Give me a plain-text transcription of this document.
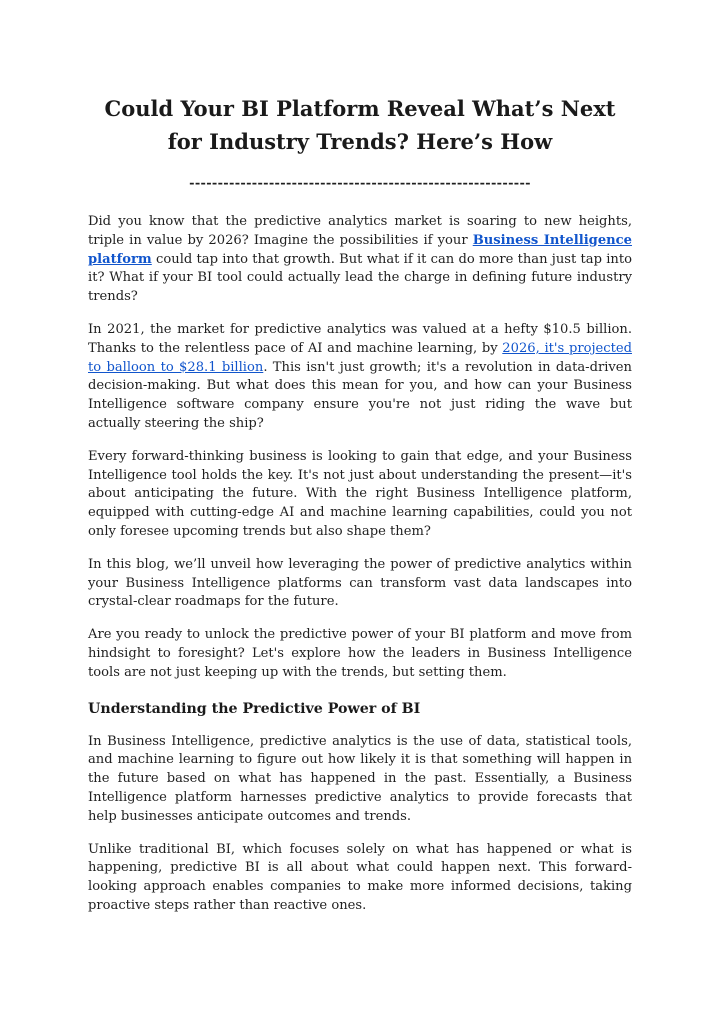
Could Your BI Platform Reveal What’s Next for Industry Trends? Here’s How
------------------------------------------------------------

Did you know that the predictive analytics market is soaring to new heights, triple in value by 2026? Imagine the possibilities if your Business Intelligence platform could tap into that growth. But what if it can do more than just tap into it? What if your BI tool could actually lead the charge in defining future industry trends?

In 2021, the market for predictive analytics was valued at a hefty $10.5 billion. Thanks to the relentless pace of AI and machine learning, by 2026, it's projected to balloon to $28.1 billion. This isn't just growth; it's a revolution in data-driven decision-making. But what does this mean for you, and how can your Business Intelligence software company ensure you're not just riding the wave but actually steering the ship?

Every forward-thinking business is looking to gain that edge, and your Business Intelligence tool holds the key. It's not just about understanding the present—it's about anticipating the future. With the right Business Intelligence platform, equipped with cutting-edge AI and machine learning capabilities, could you not only foresee upcoming trends but also shape them?

In this blog, we’ll unveil how leveraging the power of predictive analytics within your Business Intelligence platforms can transform vast data landscapes into crystal-clear roadmaps for the future.

Are you ready to unlock the predictive power of your BI platform and move from hindsight to foresight? Let's explore how the leaders in Business Intelligence tools are not just keeping up with the trends, but setting them.

Understanding the Predictive Power of BI

In Business Intelligence, predictive analytics is the use of data, statistical tools, and machine learning to figure out how likely it is that something will happen in the future based on what has happened in the past. Essentially, a Business Intelligence platform harnesses predictive analytics to provide forecasts that help businesses anticipate outcomes and trends.

Unlike traditional BI, which focuses solely on what has happened or what is happening, predictive BI is all about what could happen next. This forward-looking approach enables companies to make more informed decisions, taking proactive steps rather than reactive ones.
